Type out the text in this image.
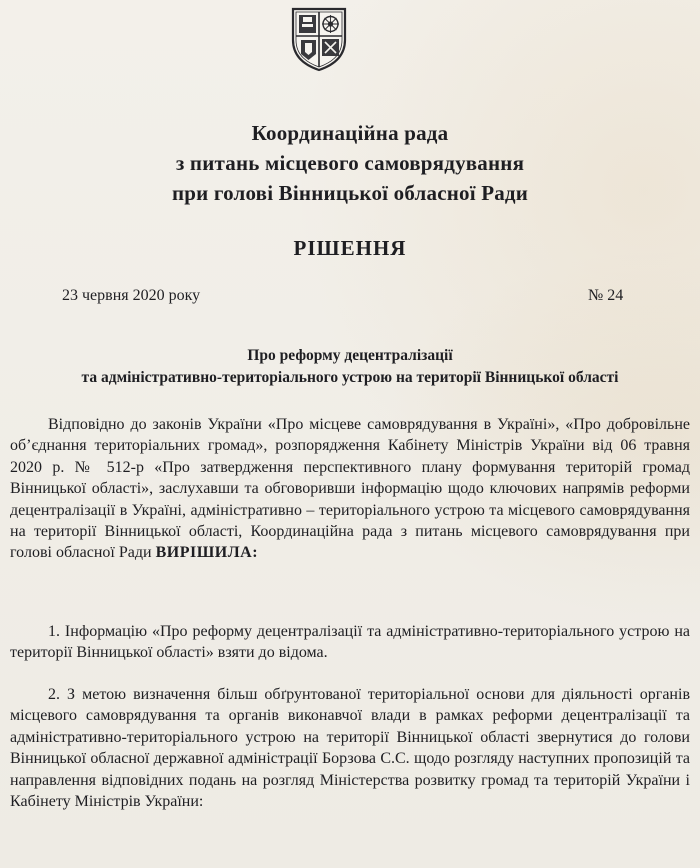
Координаційна рада
з питань місцевого самоврядування
при голові Вінницької обласної Ради
РІШЕННЯ
23 червня 2020 року	№ 24
Про реформу децентралізації
та адміністративно-територіального устрою на території Вінницької області
Відповідно до законів України «Про місцеве самоврядування в Україні», «Про добровільне об’єднання територіальних громад», розпорядження Кабінету Міністрів України від 06 травня 2020 р. № 512-р «Про затвердження перспективного плану формування територій громад Вінницької області», заслухавши та обговоривши інформацію щодо ключових напрямів реформи децентралізації в Україні, адміністративно – територіального устрою та місцевого самоврядування на території Вінницької області, Координаційна рада з питань місцевого самоврядування при голові обласної Ради ВИРІШИЛА:
1. Інформацію «Про реформу децентралізації та адміністративно-територіального устрою на території Вінницької області» взяти до відома.
2. З метою визначення більш обґрунтованої територіальної основи для діяльності органів місцевого самоврядування та органів виконавчої влади в рамках реформи децентралізації та адміністративно-територіального устрою на території Вінницької області звернутися до голови Вінницької обласної державної адміністрації Борзова С.С. щодо розгляду наступних пропозицій та направлення відповідних подань на розгляд Міністерства розвитку громад та територій України і Кабінету Міністрів України:
